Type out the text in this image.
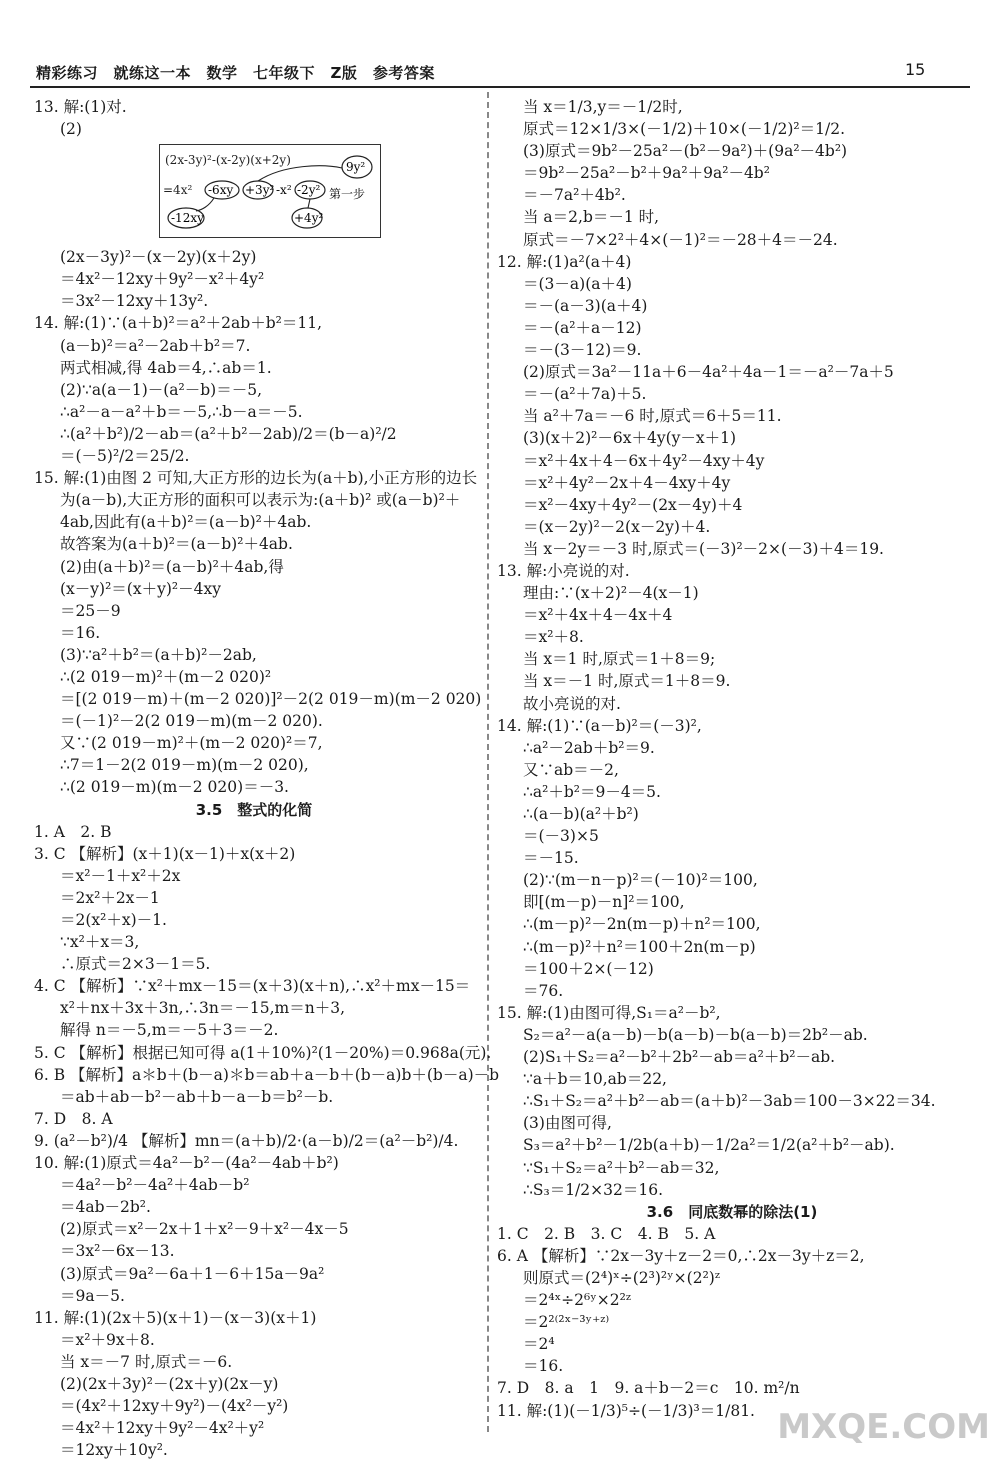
精彩练习　就练这一本　数学　七年级下　Z版　参考答案	15
13. 解:(1)对.
(2)
(2x-3y)²-(x-2y)(x+2y)
=4x² -6xy +3y² -x² -2y²
9y²
-12xy	+4y²
第一步
(2x－3y)²－(x－2y)(x＋2y)
＝4x²－12xy＋9y²－x²＋4y²
＝3x²－12xy＋13y².
14. 解:(1)∵(a＋b)²＝a²＋2ab＋b²＝11,
(a－b)²＝a²－2ab＋b²＝7.
两式相减,得 4ab＝4,∴ab＝1.
(2)∵a(a－1)－(a²－b)＝－5,
∴a²－a－a²＋b＝－5,∴b－a＝－5.
∴(a²＋b²)/2－ab＝(a²＋b²－2ab)/2＝(b－a)²/2
＝(－5)²/2＝25/2.
15. 解:(1)由图 2 可知,大正方形的边长为(a＋b),小正方形的边长
为(a－b),大正方形的面积可以表示为:(a＋b)² 或(a－b)²＋
4ab,因此有(a＋b)²＝(a－b)²＋4ab.
故答案为(a＋b)²＝(a－b)²＋4ab.
(2)由(a＋b)²＝(a－b)²＋4ab,得
(x－y)²＝(x＋y)²－4xy
＝25－9
＝16.
(3)∵a²＋b²＝(a＋b)²－2ab,
∴(2 019－m)²＋(m－2 020)²
＝[(2 019－m)＋(m－2 020)]²－2(2 019－m)(m－2 020)
＝(－1)²－2(2 019－m)(m－2 020).
又∵(2 019－m)²＋(m－2 020)²＝7,
∴7＝1－2(2 019－m)(m－2 020),
∴(2 019－m)(m－2 020)＝－3.
3.5　整式的化简
1. A　2. B
3. C 【解析】(x＋1)(x－1)＋x(x＋2)
＝x²－1＋x²＋2x
＝2x²＋2x－1
＝2(x²＋x)－1.
∵x²＋x＝3,
∴原式＝2×3－1＝5.
4. C 【解析】∵x²＋mx－15＝(x＋3)(x＋n),∴x²＋mx－15＝
x²＋nx＋3x＋3n,∴3n＝－15,m＝n＋3,
解得 n＝－5,m＝－5＋3＝－2.
5. C 【解析】根据已知可得 a(1＋10%)²(1－20%)＝0.968a(元).
6. B 【解析】a＊b＋(b－a)＊b＝ab＋a－b＋(b－a)b＋(b－a)－b
＝ab＋ab－b²－ab＋b－a－b＝b²－b.
7. D　8. A
9. (a²－b²)/4 【解析】mn＝(a＋b)/2·(a－b)/2＝(a²－b²)/4.
10. 解:(1)原式＝4a²－b²－(4a²－4ab＋b²)
＝4a²－b²－4a²＋4ab－b²
＝4ab－2b².
(2)原式＝x²－2x＋1＋x²－9＋x²－4x－5
＝3x²－6x－13.
(3)原式＝9a²－6a＋1－6＋15a－9a²
＝9a－5.
11. 解:(1)(2x＋5)(x＋1)－(x－3)(x＋1)
＝x²＋9x＋8.
当 x＝－7 时,原式＝－6.
(2)(2x＋3y)²－(2x＋y)(2x－y)
＝(4x²＋12xy＋9y²)－(4x²－y²)
＝4x²＋12xy＋9y²－4x²＋y²
＝12xy＋10y².
当 x＝1/3,y＝－1/2时,
原式＝12×1/3×(－1/2)＋10×(－1/2)²＝1/2.
(3)原式＝9b²－25a²－(b²－9a²)＋(9a²－4b²)
＝9b²－25a²－b²＋9a²＋9a²－4b²
＝－7a²＋4b².
当 a＝2,b＝－1 时,
原式＝－7×2²＋4×(－1)²＝－28＋4＝－24.
12. 解:(1)a²(a＋4)
＝(3－a)(a＋4)
＝－(a－3)(a＋4)
＝－(a²＋a－12)
＝－(3－12)＝9.
(2)原式＝3a²－11a＋6－4a²＋4a－1＝－a²－7a＋5
＝－(a²＋7a)＋5.
当 a²＋7a＝－6 时,原式＝6＋5＝11.
(3)(x＋2)²－6x＋4y(y－x＋1)
＝x²＋4x＋4－6x＋4y²－4xy＋4y
＝x²＋4y²－2x＋4－4xy＋4y
＝x²－4xy＋4y²－(2x－4y)＋4
＝(x－2y)²－2(x－2y)＋4.
当 x－2y＝－3 时,原式＝(－3)²－2×(－3)＋4＝19.
13. 解:小亮说的对.
理由:∵(x＋2)²－4(x－1)
＝x²＋4x＋4－4x＋4
＝x²＋8.
当 x＝1 时,原式＝1＋8＝9;
当 x＝－1 时,原式＝1＋8＝9.
故小亮说的对.
14. 解:(1)∵(a－b)²＝(－3)²,
∴a²－2ab＋b²＝9.
又∵ab＝－2,
∴a²＋b²＝9－4＝5.
∴(a－b)(a²＋b²)
＝(－3)×5
＝－15.
(2)∵(m－n－p)²＝(－10)²＝100,
即[(m－p)－n]²＝100,
∴(m－p)²－2n(m－p)＋n²＝100,
∴(m－p)²＋n²＝100＋2n(m－p)
＝100＋2×(－12)
＝76.
15. 解:(1)由图可得,S₁＝a²－b²,
S₂＝a²－a(a－b)－b(a－b)－b(a－b)＝2b²－ab.
(2)S₁＋S₂＝a²－b²＋2b²－ab＝a²＋b²－ab.
∵a＋b＝10,ab＝22,
∴S₁＋S₂＝a²＋b²－ab＝(a＋b)²－3ab＝100－3×22＝34.
(3)由图可得,
S₃＝a²＋b²－1/2b(a＋b)－1/2a²＝1/2(a²＋b²－ab).
∵S₁＋S₂＝a²＋b²－ab＝32,
∴S₃＝1/2×32＝16.
3.6　同底数幂的除法(1)
1. C　2. B　3. C　4. B　5. A
6. A 【解析】∵2x－3y＋z－2＝0,∴2x－3y＋z＝2,
则原式＝(2⁴)ˣ÷(2³)²ʸ×(2²)ᶻ
＝2⁴ˣ÷2⁶ʸ×2²ᶻ
＝2²⁽²ˣ⁻³ʸ⁺ᶻ⁾
＝2⁴
＝16.
7. D　8. a　1　9. a＋b－2＝c　10. m²/n
11. 解:(1)(－1/3)⁵÷(－1/3)³＝1/81. MXQE.COM
